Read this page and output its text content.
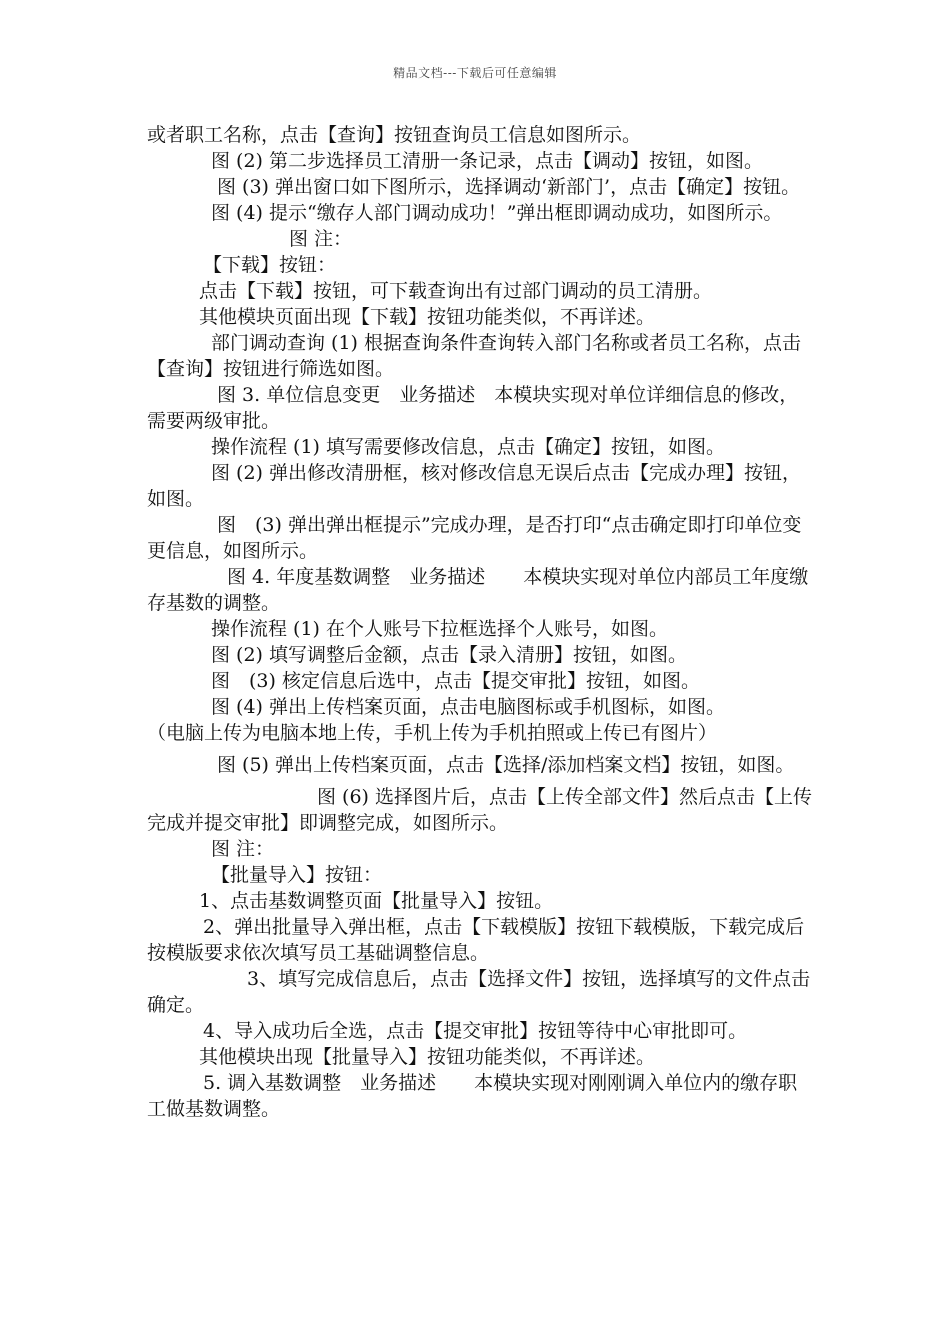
精品文档---下载后可任意编辑

或者职工名称，点击【查询】按钮查询员工信息如图所示。

图 (2) 第二步选择员工清册一条记录，点击【调动】按钮，如图。

图 (3) 弹出窗口如下图所示，选择调动‘新部门’，点击【确定】按钮。

图 (4) 提示“缴存人部门调动成功！”弹出框即调动成功，如图所示。

图 注：

【下载】按钮：

点击【下载】按钮，可下载查询出有过部门调动的员工清册。

其他模块页面出现【下载】按钮功能类似，不再详述。

部门调动查询 (1) 根据查询条件查询转入部门名称或者员工名称，点击【查询】按钮进行筛选如图。

图 3. 单位信息变更　业务描述　本模块实现对单位详细信息的修改，需要两级审批。

操作流程 (1) 填写需要修改信息，点击【确定】按钮，如图。

图 (2) 弹出修改清册框，核对修改信息无误后点击【完成办理】按钮，如图。

图　(3) 弹出弹出框提示”完成办理，是否打印“点击确定即打印单位变更信息，如图所示。

图 4. 年度基数调整　业务描述　　本模块实现对单位内部员工年度缴存基数的调整。

操作流程 (1) 在个人账号下拉框选择个人账号，如图。

图 (2) 填写调整后金额，点击【录入清册】按钮，如图。

图　(3) 核定信息后选中，点击【提交审批】按钮，如图。

图 (4) 弹出上传档案页面，点击电脑图标或手机图标，如图。

（电脑上传为电脑本地上传，手机上传为手机拍照或上传已有图片）

图 (5) 弹出上传档案页面，点击【选择/添加档案文档】按钮，如图。

图 (6) 选择图片后，点击【上传全部文件】然后点击【上传完成并提交审批】即调整完成，如图所示。

图 注：

【批量导入】按钮：

1、点击基数调整页面【批量导入】按钮。

2、弹出批量导入弹出框，点击【下载模版】按钮下载模版，下载完成后按模版要求依次填写员工基础调整信息。

3、填写完成信息后，点击【选择文件】按钮，选择填写的文件点击确定。

4、导入成功后全选，点击【提交审批】按钮等待中心审批即可。

其他模块出现【批量导入】按钮功能类似，不再详述。

5. 调入基数调整　业务描述　　本模块实现对刚刚调入单位内的缴存职工做基数调整。
